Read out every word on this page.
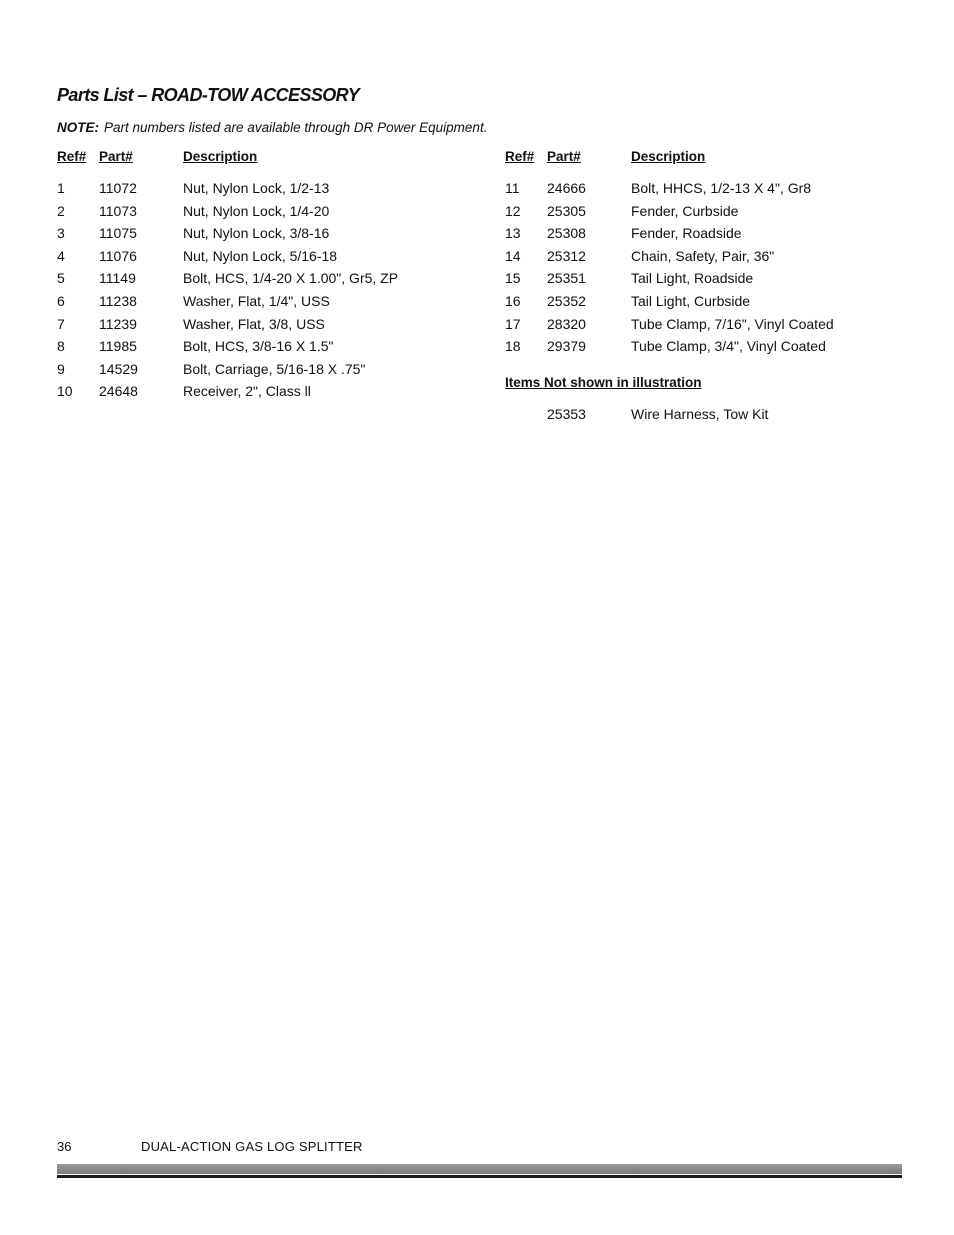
Parts List – ROAD-TOW ACCESSORY
NOTE: Part numbers listed are available through DR Power Equipment.
Ref# Part#	Description
1 11072	Nut, Nylon Lock, 1/2-13
2 11073	Nut, Nylon Lock, 1/4-20
3 11075	Nut, Nylon Lock, 3/8-16
4 11076	Nut, Nylon Lock, 5/16-18
5 11149	Bolt, HCS, 1/4-20 X 1.00", Gr5, ZP
6 11238	Washer, Flat, 1/4", USS
7 11239	Washer, Flat, 3/8, USS
8 11985	Bolt, HCS, 3/8-16 X 1.5"
9 14529	Bolt, Carriage, 5/16-18 X .75"
10 24648	Receiver, 2", Class ll
Ref# Part#	Description
11 24666	Bolt, HHCS, 1/2-13 X 4", Gr8
12 25305	Fender, Curbside
13 25308	Fender, Roadside
14 25312	Chain, Safety, Pair, 36"
15 25351	Tail Light, Roadside
16 25352	Tail Light, Curbside
17 28320	Tube Clamp, 7/16", Vinyl Coated
18 29379	Tube Clamp, 3/4", Vinyl Coated
Items Not shown in illustration
25353	Wire Harness, Tow Kit
36	DUAL-ACTION GAS LOG SPLITTER
